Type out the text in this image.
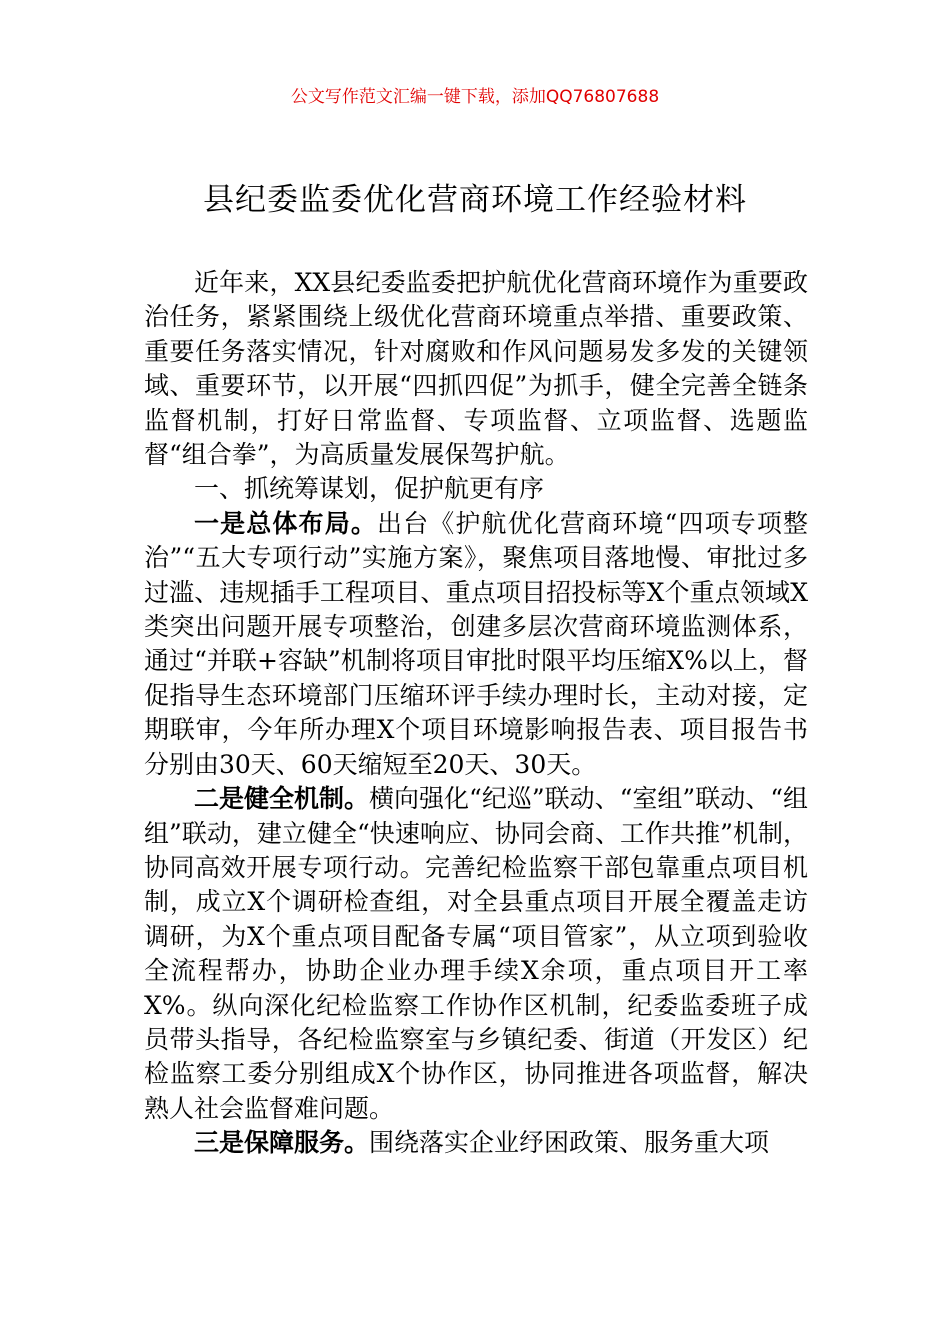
公文写作范文汇编一键下载，添加QQ76807688
县纪委监委优化营商环境工作经验材料

近年来，XX县纪委监委把护航优化营商环境作为重要政治任务，紧紧围绕上级优化营商环境重点举措、重要政策、重要任务落实情况，针对腐败和作风问题易发多发的关键领域、重要环节，以开展“四抓四促”为抓手，健全完善全链条监督机制，打好日常监督、专项监督、立项监督、选题监督“组合拳”，为高质量发展保驾护航。

一、抓统筹谋划，促护航更有序

一是总体布局。出台《护航优化营商环境“四项专项整治”“五大专项行动”实施方案》，聚焦项目落地慢、审批过多过滥、违规插手工程项目、重点项目招投标等X个重点领域X类突出问题开展专项整治，创建多层次营商环境监测体系，通过“并联+容缺”机制将项目审批时限平均压缩X%以上，督促指导生态环境部门压缩环评手续办理时长，主动对接，定期联审，今年所办理X个项目环境影响报告表、项目报告书分别由30天、60天缩短至20天、30天。

二是健全机制。横向强化“纪巡”联动、“室组”联动、“组组”联动，建立健全“快速响应、协同会商、工作共推”机制，协同高效开展专项行动。完善纪检监察干部包靠重点项目机制，成立X个调研检查组，对全县重点项目开展全覆盖走访调研，为X个重点项目配备专属“项目管家”，从立项到验收全流程帮办，协助企业办理手续X余项，重点项目开工率X%。纵向深化纪检监察工作协作区机制，纪委监委班子成员带头指导，各纪检监察室与乡镇纪委、街道（开发区）纪检监察工委分别组成X个协作区，协同推进各项监督，解决熟人社会监督难问题。

三是保障服务。围绕落实企业纾困政策、服务重大项
